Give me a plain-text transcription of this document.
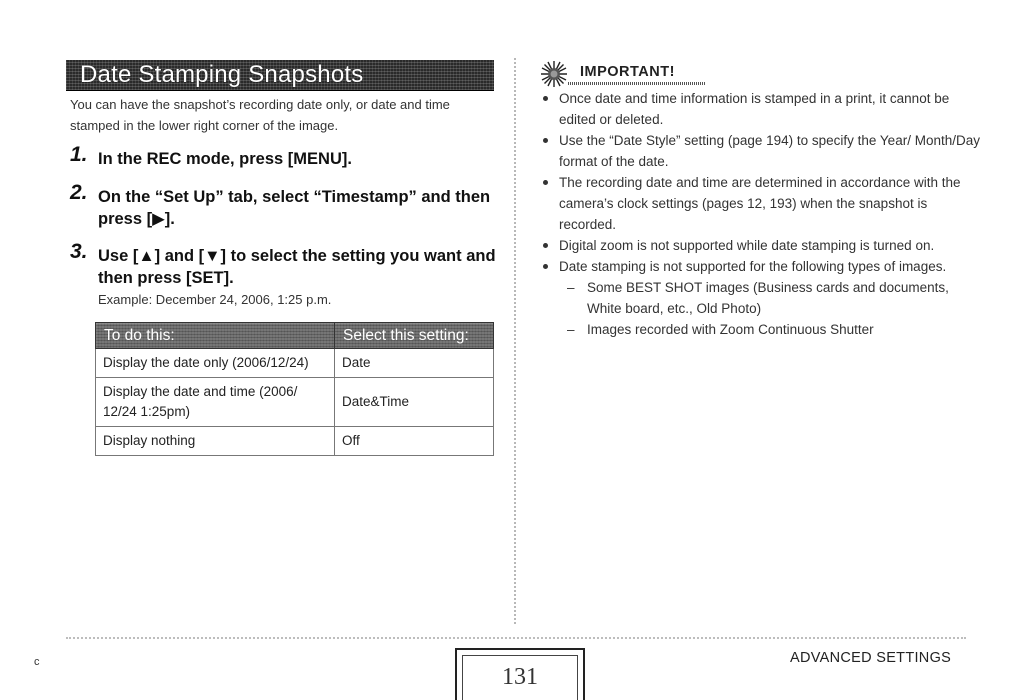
Date Stamping Snapshots
You can have the snapshot’s recording date only, or date and time stamped in the lower right corner of the image.
1. In the REC mode, press [MENU].
2. On the “Set Up” tab, select “Timestamp” and then press [▶].
3. Use [▲] and [▼] to select the setting you want and then press [SET].
Example: December 24, 2006, 1:25 p.m.
To do this:	Select this setting:
Display the date only (2006/12/24)	Date
Display the date and time (2006/ 12/24 1:25pm)	Date&Time
Display nothing	Off
IMPORTANT!

Once date and time information is stamped in a print, it cannot be edited or deleted.

Use the “Date Style” setting (page 194) to specify the Year/ Month/Day format of the date.

The recording date and time are determined in accordance with the camera’s clock settings (pages 12, 193) when the snapshot is recorded.

Digital zoom is not supported while date stamping is turned on.

Date stamping is not supported for the following types of images.

– Some BEST SHOT images (Business cards and documents, White board, etc., Old Photo)

– Images recorded with Zoom Continuous Shutter

c
131
ADVANCED SETTINGS
